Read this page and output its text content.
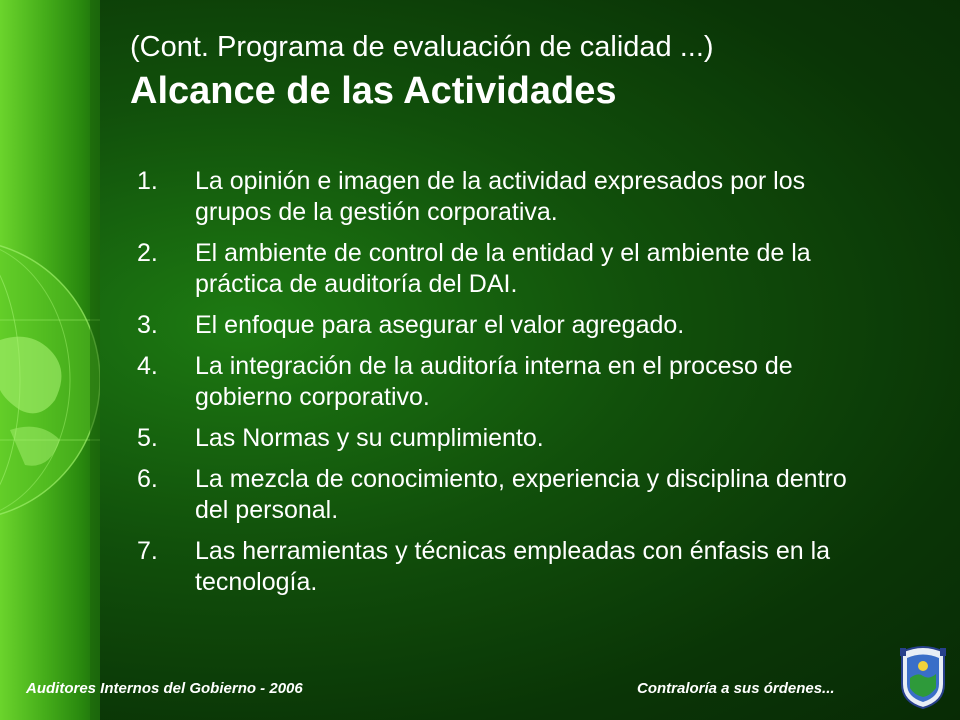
(Cont. Programa de evaluación de calidad ...)
Alcance de las Actividades
1.	La opinión e imagen de la actividad expresados por los grupos de la gestión corporativa.
2.	El ambiente de control de la entidad y el ambiente de la práctica de auditoría del DAI.
3.	El enfoque para asegurar el valor agregado.
4.	La integración de la auditoría interna en el proceso de gobierno corporativo.
5.	Las Normas y su cumplimiento.
6.	La mezcla de conocimiento, experiencia y disciplina dentro del personal.
7.	Las herramientas y técnicas empleadas con énfasis en la tecnología.
Auditores Internos del Gobierno - 2006	Contraloría a sus órdenes...
